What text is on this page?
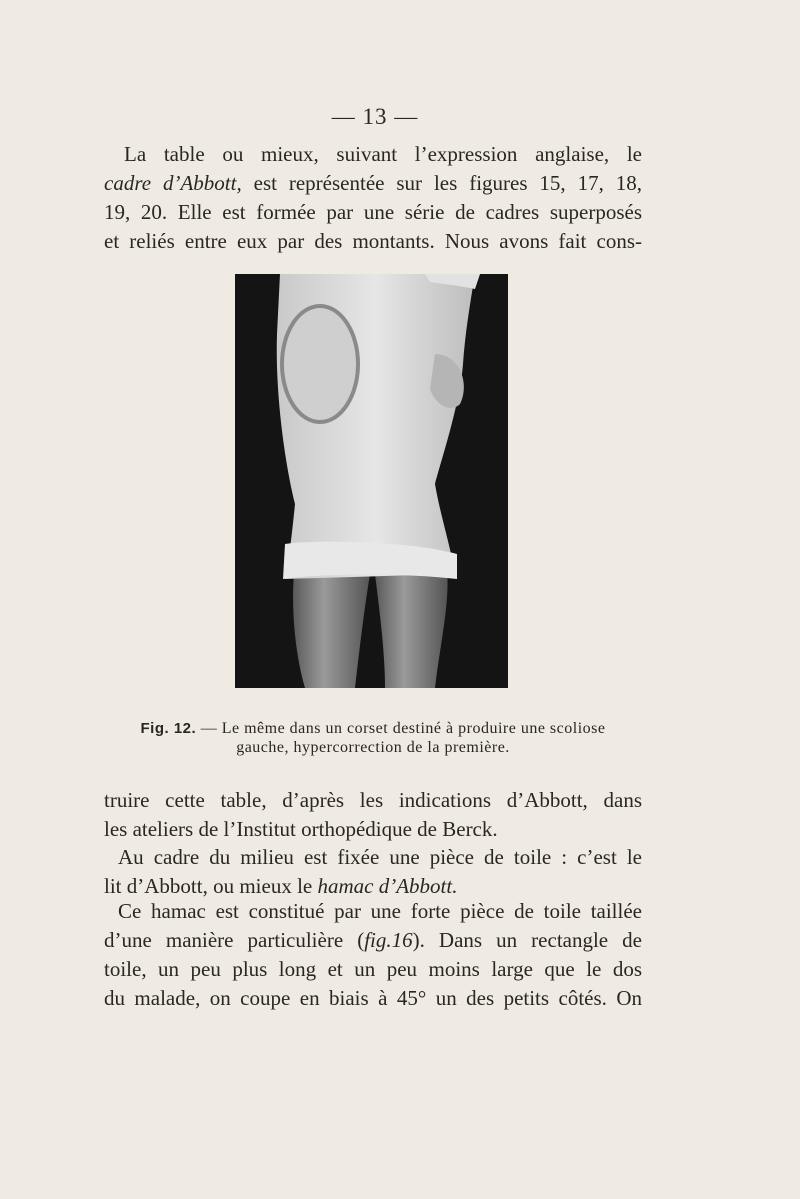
— 13 —
La table ou mieux, suivant l’expression anglaise, le
cadre d’Abbott, est représentée sur les figures 15, 17, 18,
19, 20. Elle est formée par une série de cadres superposés
et reliés entre eux par des montants. Nous avons fait cons-
Fig. 12. — Le même dans un corset destiné à produire une scoliose
gauche, hypercorrection de la première.
truire cette table, d’après les indications d’Abbott, dans
les ateliers de l’Institut orthopédique de Berck.
Au cadre du milieu est fixée une pièce de toile : c’est le
lit d’Abbott, ou mieux le hamac d’Abbott.
Ce hamac est constitué par une forte pièce de toile taillée
d’une manière particulière (fig.16). Dans un rectangle de
toile, un peu plus long et un peu moins large que le dos
du malade, on coupe en biais à 45° un des petits côtés. On
